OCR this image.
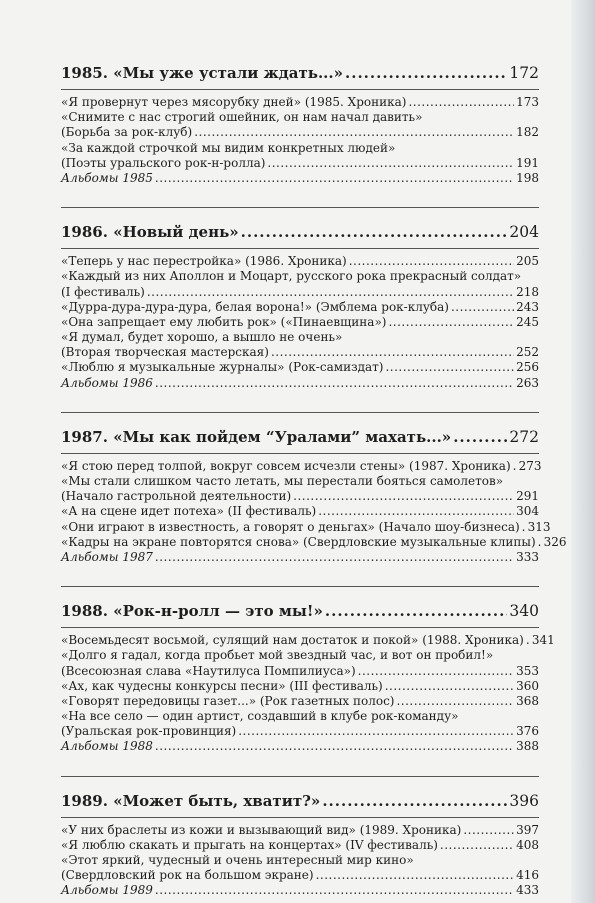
1985. «Мы уже устали ждать...» .....	172
«Я провернут через мясорубку дней» (1985. Хроника) .....	173
«Снимите с нас строгий ошейник, он нам начал давить»
(Борьба за рок-клуб) .....	182
«За каждой строчкой мы видим конкретных людей»
(Поэты уральского рок-н-ролла) .....	191
Альбомы 1985 .....	198
1986. «Новый день» .....	204
«Теперь у нас перестройка» (1986. Хроника) .....	205
«Каждый из них Аполлон и Моцарт, русского рока прекрасный солдат»
(I фестиваль) .....	218
«Дурра-дура-дура-дура, белая ворона!» (Эмблема рок-клуба) .....	243
«Она запрещает ему любить рок» («Пинаевщина») .....	245
«Я думал, будет хорошо, а вышло не очень»
(Вторая творческая мастерская) .....	252
«Люблю я музыкальные журналы» (Рок-самиздат) .....	256
Альбомы 1986 .....	263
1987. «Мы как пойдем “Уралами” махать...» .....	272
«Я стою перед толпой, вокруг совсем исчезли стены» (1987. Хроника) ..... 273
«Мы стали слишком часто летать, мы перестали бояться самолетов»
(Начало гастрольной деятельности) .....	291
«А на сцене идет потеха» (II фестиваль) .....	304
«Они играют в известность, а говорят о деньгах» (Начало шоу-бизнеса) ..... 313
«Кадры на экране повторятся снова» (Свердловские музыкальные клипы) ..... 326
Альбомы 1987 .....	333
1988. «Рок-н-ролл — это мы!» .....	340
«Восемьдесят восьмой, сулящий нам достаток и покой» (1988. Хроника) ..... 341
«Долго я гадал, когда пробьет мой звездный час, и вот он пробил!»
(Всесоюзная слава «Наутилуса Помпилиуса») .....	353
«Ах, как чудесны конкурсы песни» (III фестиваль) .....	360
«Говорят передовицы газет...» (Рок газетных полос) .....	368
«На все село — один артист, создавший в клубе рок-команду»
(Уральская рок-провинция) .....	376
Альбомы 1988 .....	388
1989. «Может быть, хватит?» .....	396
«У них браслеты из кожи и вызывающий вид» (1989. Хроника) .....	397
«Я люблю скакать и прыгать на концертах» (IV фестиваль) .....	408
«Этот яркий, чудесный и очень интересный мир кино»
(Свердловский рок на большом экране) .....	416
Альбомы 1989 .....	433
